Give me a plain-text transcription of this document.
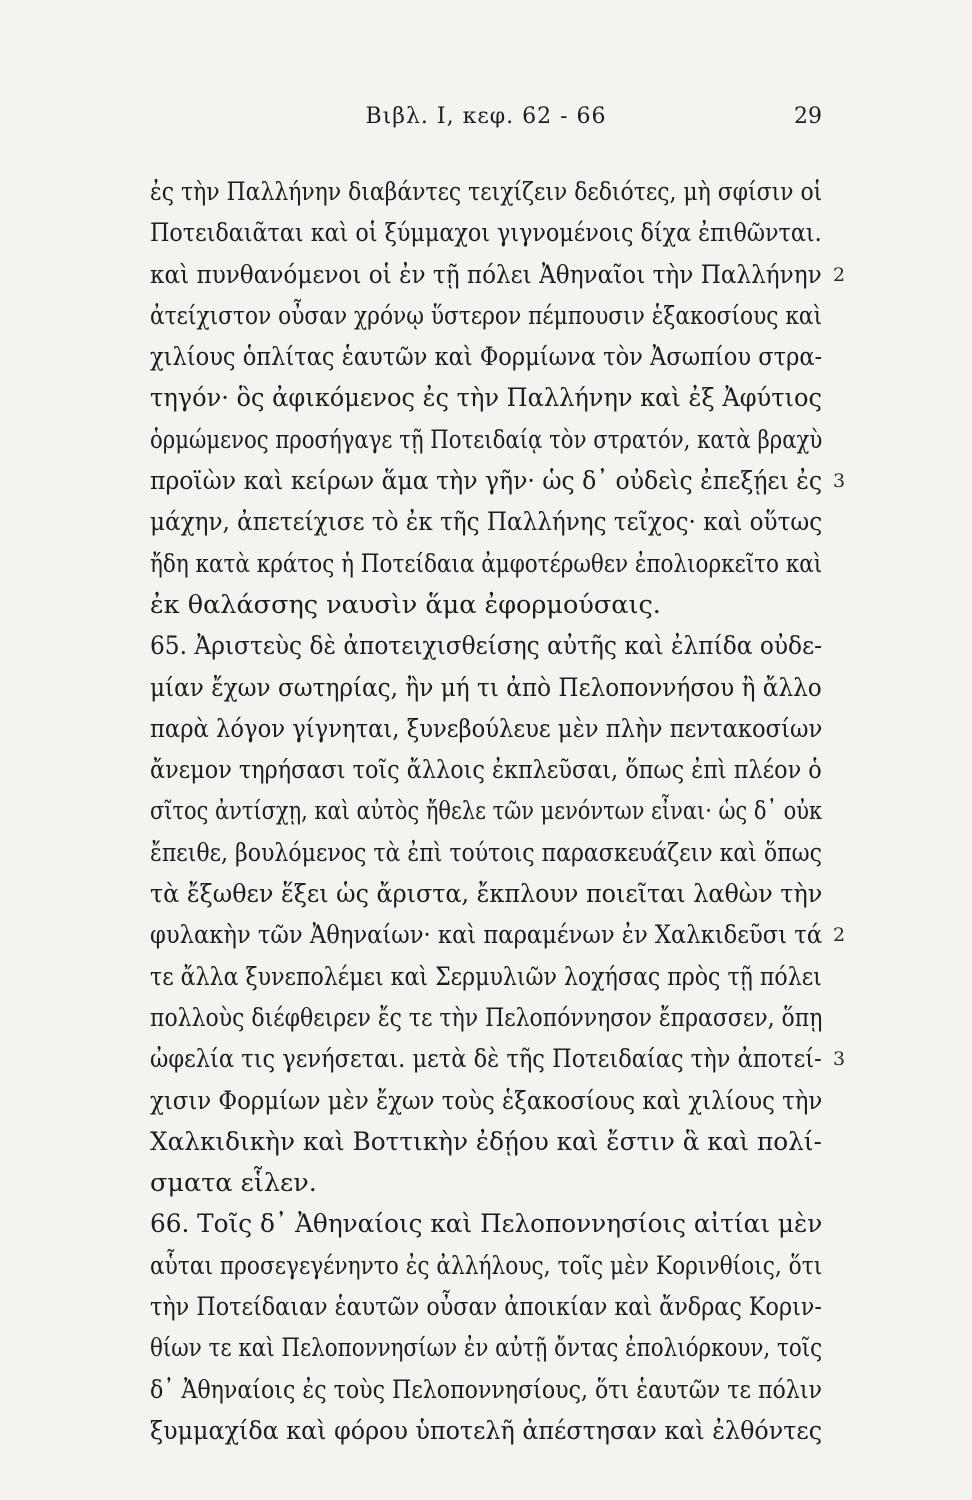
Βιβλ. Ι, κεφ. 62 - 66	29
ἐς τὴν Παλλήνην διαβάντες τειχίζειν δεδιότες, μὴ σφίσιν οἱ
Ποτειδαιᾶται καὶ οἱ ξύμμαχοι γιγνομένοις δίχα ἐπιθῶνται.
καὶ πυνθανόμενοι οἱ ἐν τῇ πόλει Ἀθηναῖοι τὴν Παλλήνην 2
ἀτείχιστον οὖσαν χρόνῳ ὕστερον πέμπουσιν ἑξακοσίους καὶ
χιλίους ὁπλίτας ἑαυτῶν καὶ Φορμίωνα τὸν Ἀσωπίου στρα-
τηγόν· ὃς ἀφικόμενος ἐς τὴν Παλλήνην καὶ ἐξ Ἀφύτιος
ὁρμώμενος προσήγαγε τῇ Ποτειδαίᾳ τὸν στρατόν, κατὰ βραχὺ
προϊὼν καὶ κείρων ἅμα τὴν γῆν· ὡς δ᾽ οὐδεὶς ἐπεξῄει ἐς 3
μάχην, ἀπετείχισε τὸ ἐκ τῆς Παλλήνης τεῖχος· καὶ οὕτως
ἤδη κατὰ κράτος ἡ Ποτείδαια ἀμφοτέρωθεν ἐπολιορκεῖτο καὶ
ἐκ θαλάσσης ναυσὶν ἅμα ἐφορμούσαις.
65. Ἀριστεὺς δὲ ἀποτειχισθείσης αὐτῆς καὶ ἐλπίδα οὐδε-
μίαν ἔχων σωτηρίας, ἢν μή τι ἀπὸ Πελοποννήσου ἢ ἄλλο
παρὰ λόγον γίγνηται, ξυνεβούλευε μὲν πλὴν πεντακοσίων
ἄνεμον τηρήσασι τοῖς ἄλλοις ἐκπλεῦσαι, ὅπως ἐπὶ πλέον ὁ
σῖτος ἀντίσχῃ, καὶ αὐτὸς ἤθελε τῶν μενόντων εἶναι· ὡς δ᾽ οὐκ
ἔπειθε, βουλόμενος τὰ ἐπὶ τούτοις παρασκευάζειν καὶ ὅπως
τὰ ἔξωθεν ἕξει ὡς ἄριστα, ἔκπλουν ποιεῖται λαθὼν τὴν
φυλακὴν τῶν Ἀθηναίων· καὶ παραμένων ἐν Χαλκιδεῦσι τά 2
τε ἄλλα ξυνεπολέμει καὶ Σερμυλιῶν λοχήσας πρὸς τῇ πόλει
πολλοὺς διέφθειρεν ἔς τε τὴν Πελοπόννησον ἔπρασσεν, ὅπῃ
ὠφελία τις γενήσεται. μετὰ δὲ τῆς Ποτειδαίας τὴν ἀποτεί- 3
χισιν Φορμίων μὲν ἔχων τοὺς ἑξακοσίους καὶ χιλίους τὴν
Χαλκιδικὴν καὶ Βοττικὴν ἐδῄου καὶ ἔστιν ἃ καὶ πολί-
σματα εἷλεν.
66. Τοῖς δ᾽ Ἀθηναίοις καὶ Πελοποννησίοις αἰτίαι μὲν
αὗται προσεγεγένηντο ἐς ἀλλήλους, τοῖς μὲν Κορινθίοις, ὅτι
τὴν Ποτείδαιαν ἑαυτῶν οὖσαν ἀποικίαν καὶ ἄνδρας Κοριν-
θίων τε καὶ Πελοποννησίων ἐν αὐτῇ ὄντας ἐπολιόρκουν, τοῖς
δ᾽ Ἀθηναίοις ἐς τοὺς Πελοποννησίους, ὅτι ἑαυτῶν τε πόλιν
ξυμμαχίδα καὶ φόρου ὑποτελῆ ἀπέστησαν καὶ ἐλθόντες
